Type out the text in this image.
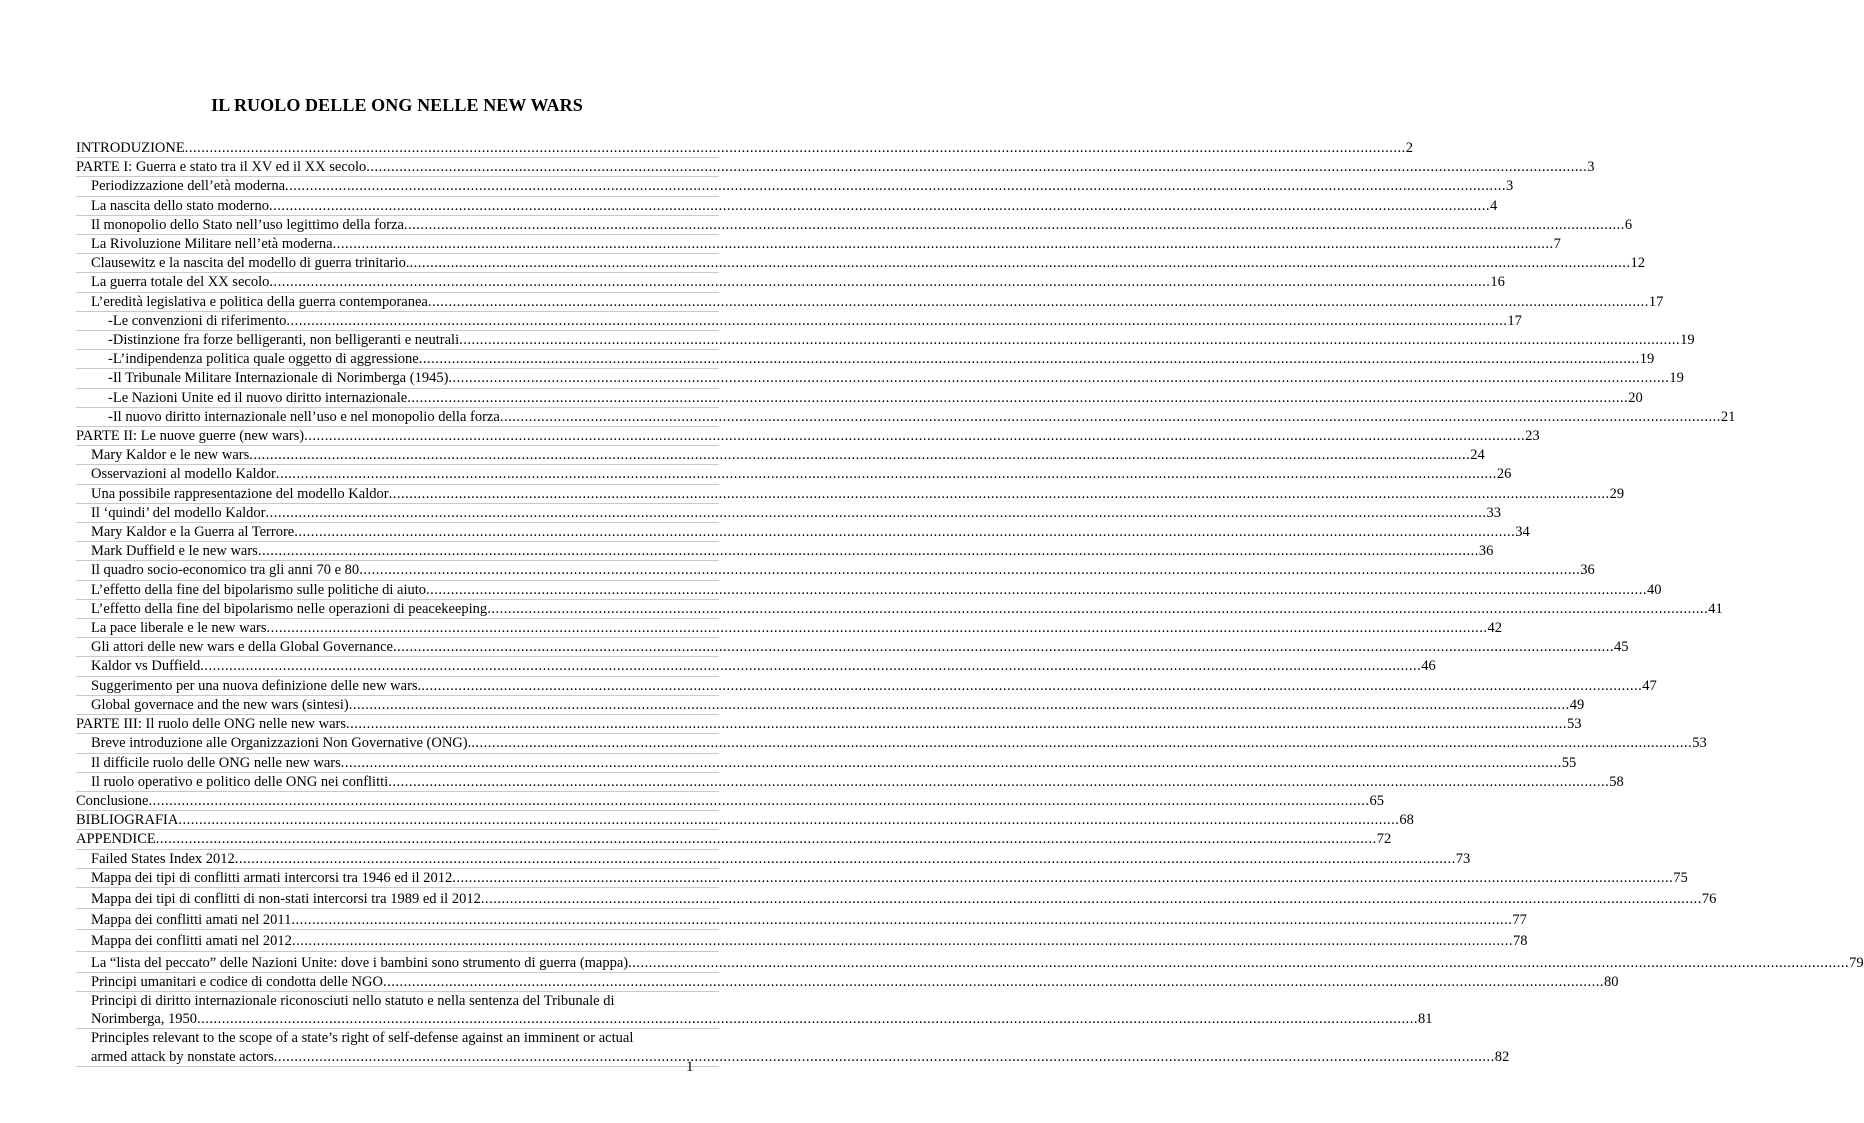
IL RUOLO DELLE ONG NELLE NEW WARS
INTRODUZIONE .....	2
PARTE I: Guerra e stato tra il XV ed il XX secolo .....	3
Periodizzazione dell’età moderna .....	3
La nascita dello stato moderno .....	4
Il monopolio dello Stato nell’uso legittimo della forza .....	6
La Rivoluzione Militare nell’età moderna .....	7
Clausewitz e la nascita del modello di guerra trinitario. .....	12
La guerra totale del XX secolo .....	16
L’eredità legislativa e politica della guerra contemporanea .....	17
- Le convenzioni di riferimento .....	17
- Distinzione fra forze belligeranti, non belligeranti e neutrali .....	19
- L’indipendenza politica quale oggetto di aggressione .....	19
- Il Tribunale Militare Internazionale di Norimberga (1945) .....	19
- Le Nazioni Unite ed il nuovo diritto internazionale .....	20
- Il nuovo diritto internazionale nell’uso e nel monopolio della forza .....	21
PARTE II: Le nuove guerre (new wars) .....	23
Mary Kaldor e le new wars .....	24
Osservazioni al modello Kaldor .....	26
Una possibile rappresentazione del modello Kaldor .....	29
Il ‘quindi’ del modello Kaldor .....	33
Mary Kaldor e la Guerra al Terrore .....	34
Mark Duffield e le new wars .....	36
Il quadro socio-economico tra gli anni 70 e 80 .....	36
L’effetto della fine del bipolarismo sulle politiche di aiuto .....	40
L’effetto della fine del bipolarismo nelle operazioni di peacekeeping .....	41
La pace liberale e le new wars .....	42
Gli attori delle new wars e della Global Governance .....	45
Kaldor vs Duffield .....	46
Suggerimento per una nuova definizione delle new wars. .....	47
Global governace and the new wars (sintesi) .....	49
PARTE III: Il ruolo delle ONG nelle new wars .....	53
Breve introduzione alle Organizzazioni Non Governative (ONG). .....	53
Il difficile ruolo delle ONG nelle new wars .....	55
Il ruolo operativo e politico delle ONG nei conflitti .....	58
Conclusione .....	65
BIBLIOGRAFIA .....	68
APPENDICE .....	72
Failed States Index 2012 .....	73
Mappa dei tipi di conflitti armati intercorsi tra 1946 ed il 2012 .....	75
Mappa dei tipi di conflitti di non-stati intercorsi tra 1989 ed il 2012 .....	76
Mappa dei conflitti amati nel 2011 .....	77
Mappa dei conflitti amati nel 2012 .....	78
La “lista del peccato” delle Nazioni Unite: dove i bambini sono strumento di guerra (mappa) .....	79
Principi umanitari e codice di condotta delle NGO .....	80
Principi di diritto internazionale riconosciuti nello statuto e nella sentenza del Tribunale di
Norimberga, 1950 .....	81
Principles relevant to the scope of a state’s right of self-defense against an imminent or actual
armed attack by nonstate actors .....	82
1
